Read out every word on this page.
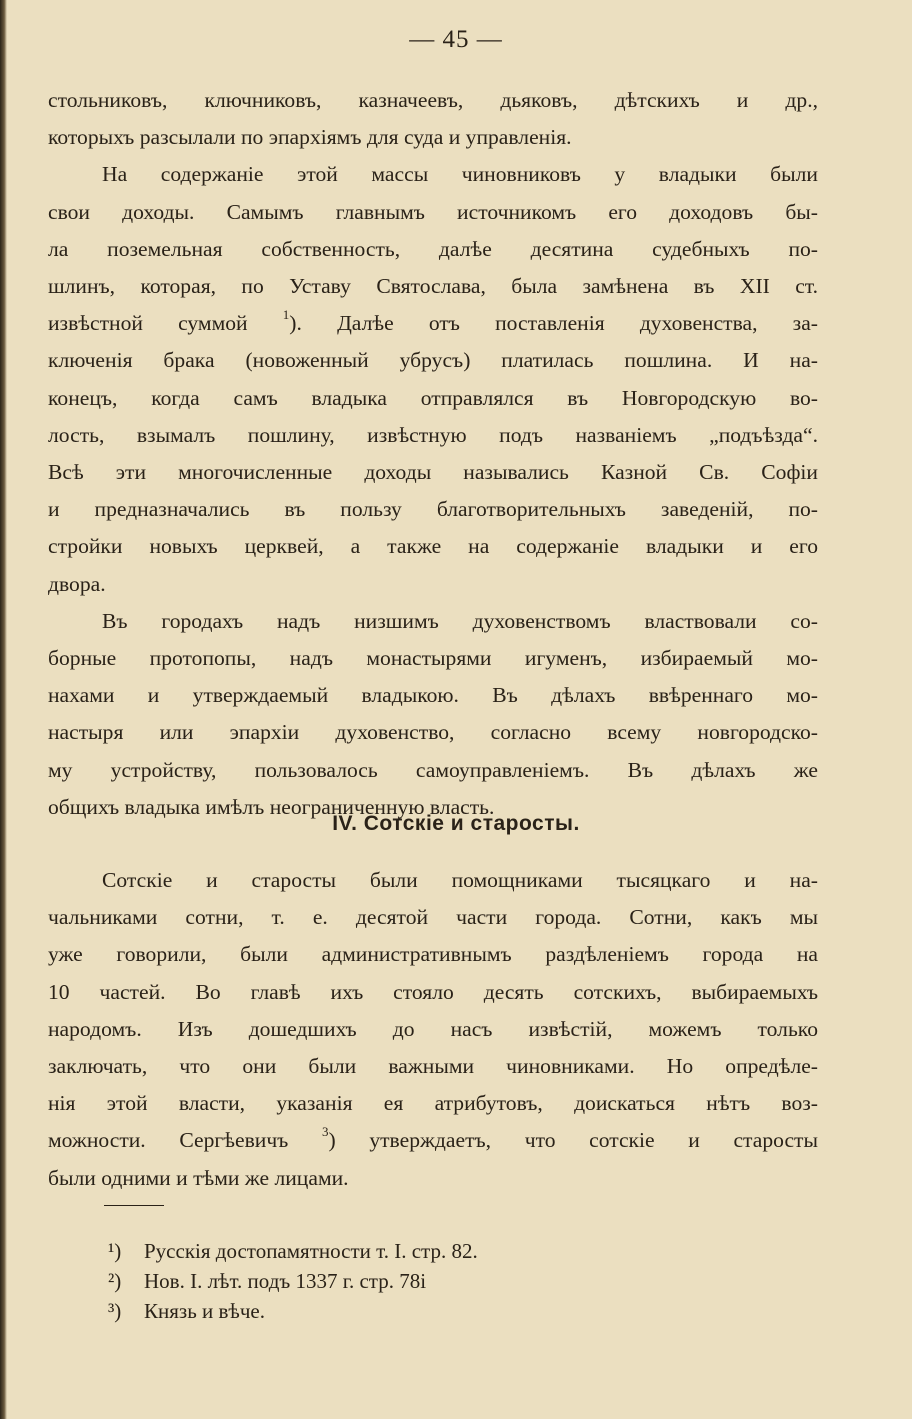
— 45 —
стольниковъ, ключниковъ, казначеевъ, дьяковъ, дѣтскихъ и др.,
которыхъ разсылали по эпархіямъ для суда и управленія.
На содержаніе этой массы чиновниковъ у владыки были
свои доходы. Самымъ главнымъ источникомъ его доходовъ бы-
ла поземельная собственность, далѣе десятина судебныхъ по-
шлинъ, которая, по Уставу Святослава, была замѣнена въ XII ст.
извѣстной суммой	$^1$). Далѣе отъ поставленія духовенства, за-
ключенія брака (новоженный убрусъ) платилась пошлина. И на-
конецъ, когда самъ владыка отправлялся въ Новгородскую во-
лость, взымалъ пошлину, извѣстную подъ названіемъ „подъѣзда“.
Всѣ эти многочисленные доходы назывались Казной Св. Софіи
и предназначались въ пользу благотворительныхъ заведеній, по-
стройки новыхъ церквей, а также на содержаніе владыки и его
двора.
Въ городахъ надъ низшимъ духовенствомъ властвовали со-
борные протопопы, надъ монастырями игуменъ, избираемый мо-
нахами и утверждаемый владыкою. Въ дѣлахъ ввѣреннаго мо-
настыря или эпархіи духовенство, согласно всему новгородско-
му устройству, пользовалось самоуправленіемъ. Въ дѣлахъ же
общихъ владыка имѣлъ неограниченную власть.
IV. Сотскіе и старосты.
Сотскіе и старосты были помощниками тысяцкаго и на-
чальниками сотни, т. е. десятой части города. Сотни, какъ мы
уже говорили, были административнымъ раздѣленіемъ города на
10 частей. Во главѣ ихъ стояло десять сотскихъ, выбираемыхъ
народомъ. Изъ дошедшихъ до насъ извѣстій, можемъ только
заключать, что они были важными чиновниками. Но опредѣле-
нія этой власти, указанія ея атрибутовъ, доискаться нѣтъ воз-
можности. Сергѣевичъ	$^3$) утверждаетъ, что сотскіе и старосты
были одними и тѣми же лицами.
¹) Русскія достопамятности т. I. стр. 82.
²) Нов. I. лѣт. подъ 1337 г. стр. 78і
³) Князь и вѣче.
